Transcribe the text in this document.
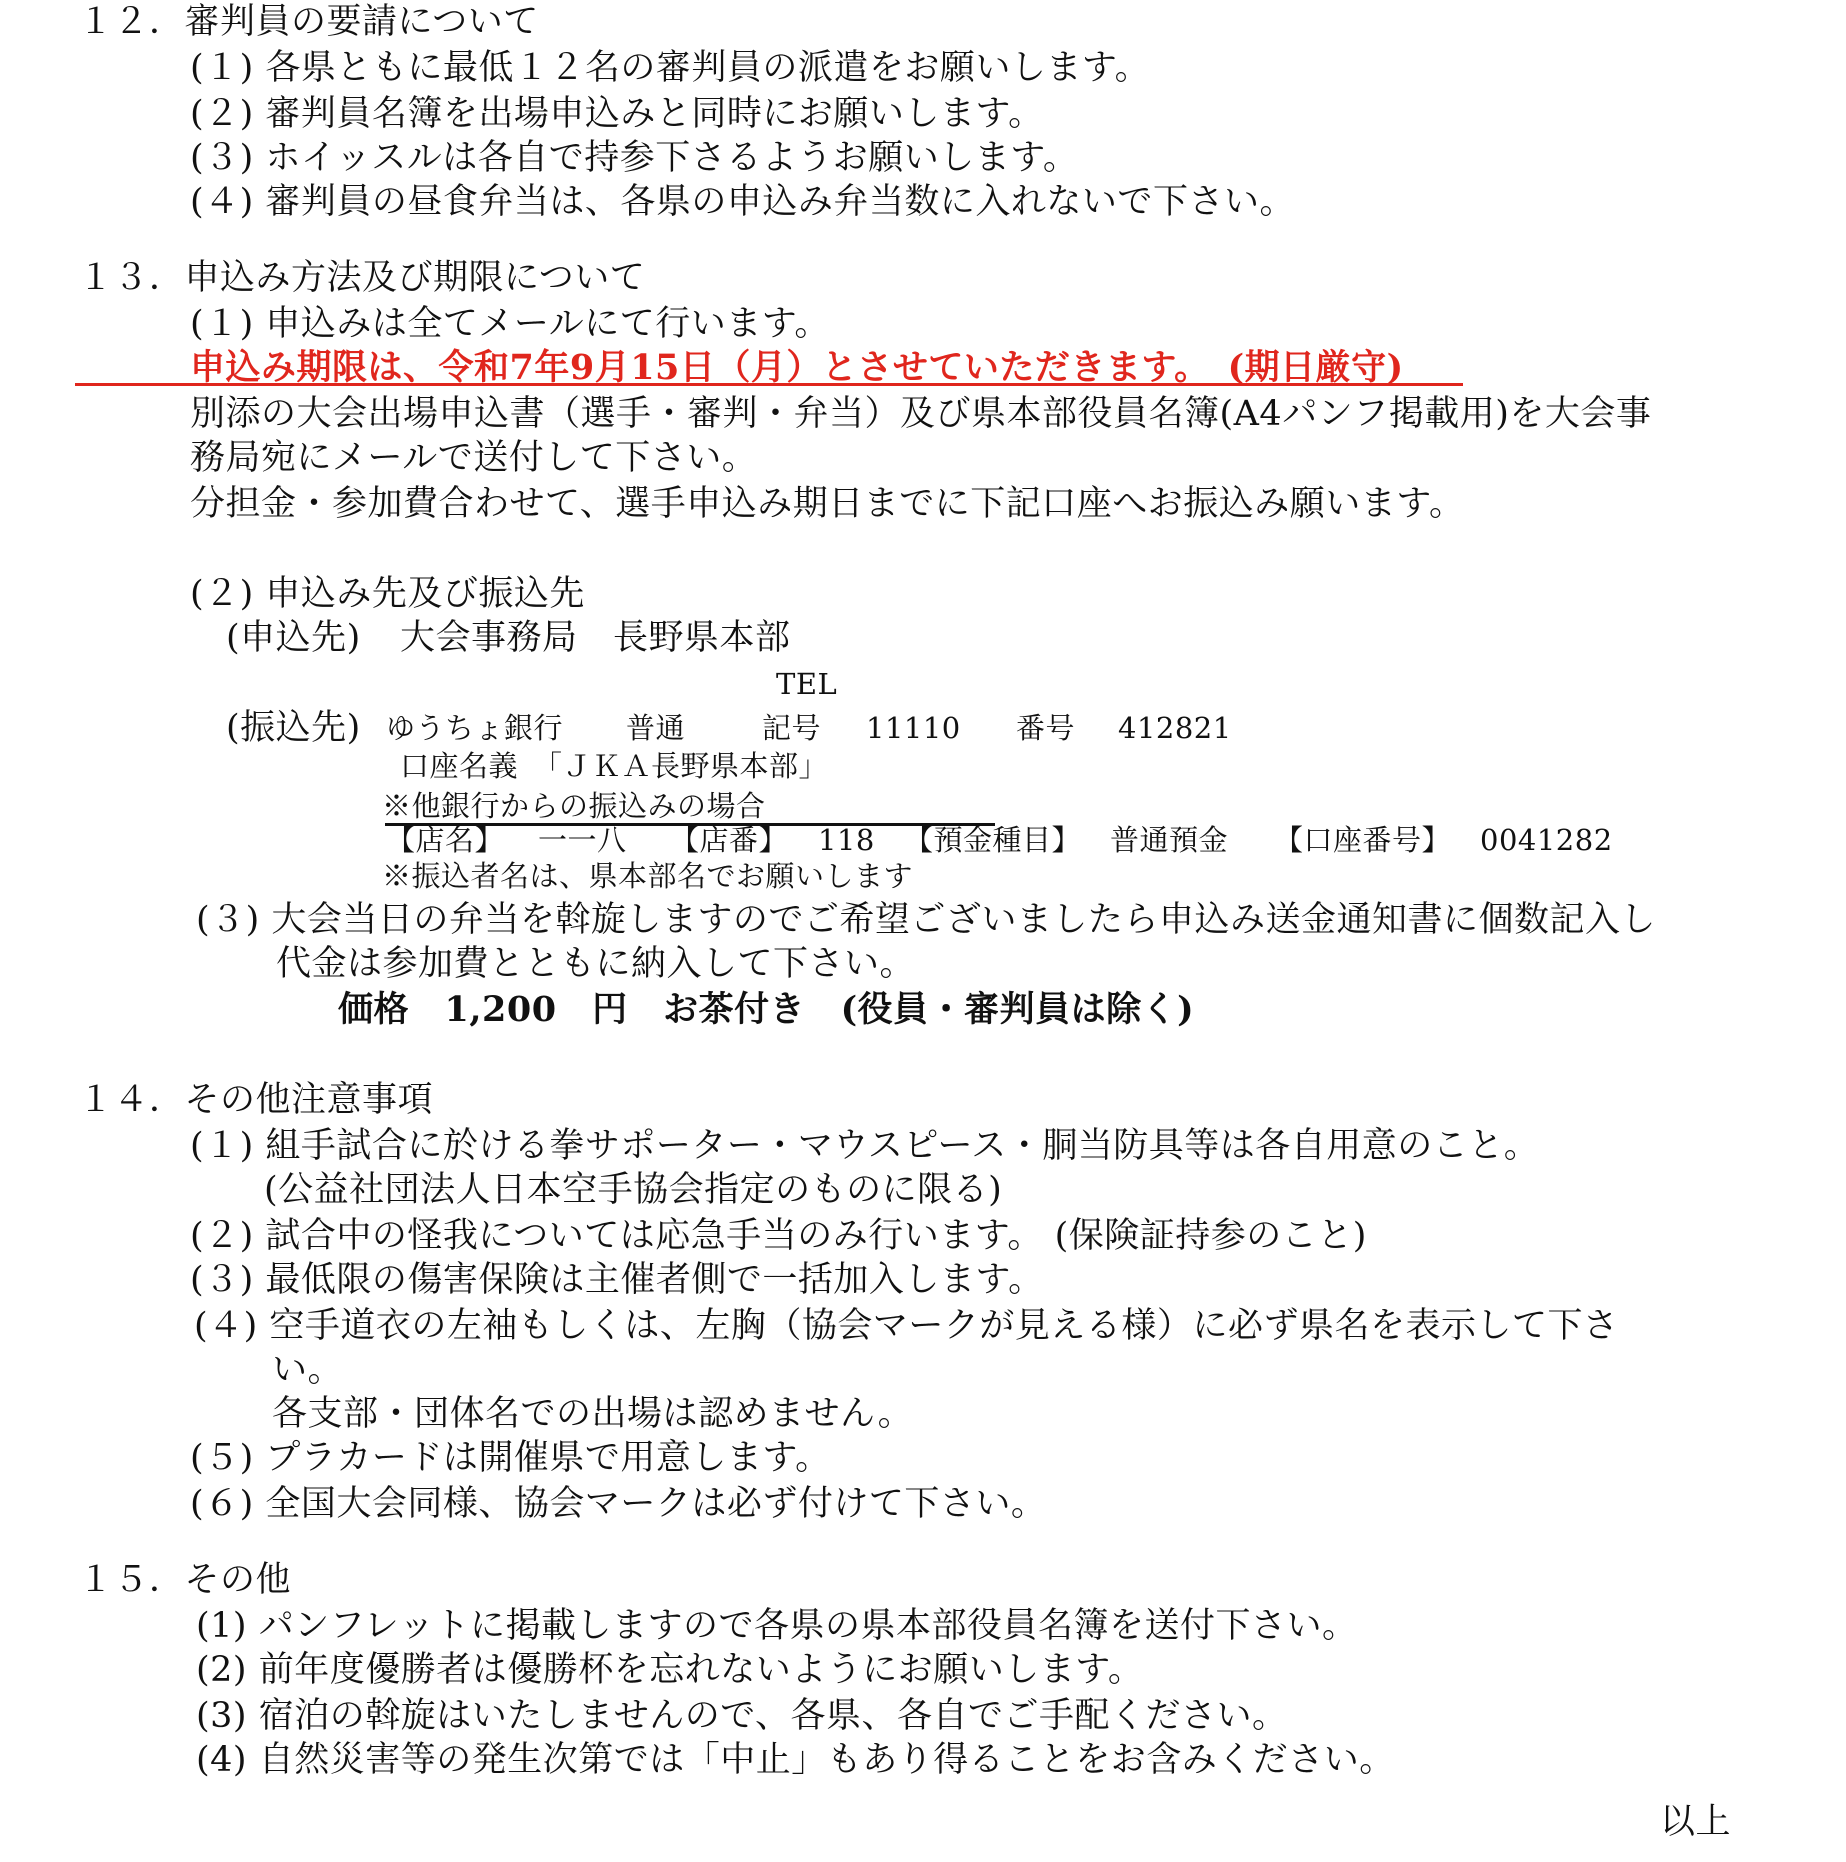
１２．審判員の要請について
(１) 各県ともに最低１２名の審判員の派遣をお願いします。
(２) 審判員名簿を出場申込みと同時にお願いします。
(３) ホイッスルは各自で持参下さるようお願いします。
(４) 審判員の昼食弁当は、各県の申込み弁当数に入れないで下さい。
１３．申込み方法及び期限について
(１) 申込みは全てメールにて行います。
申込み期限は、令和7年9月15日（月）とさせていただきます。　(期日厳守)
別添の大会出場申込書（選手・審判・弁当）及び県本部役員名簿(A4パンフ掲載用)を大会事
務局宛にメールで送付して下さい。
分担金・参加費合わせて、選手申込み期日までに下記口座へお振込み願います。
(２) 申込み先及び振込先
(申込先) 大会事務局　長野県本部
TEL
(振込先) ゆうちょ銀行 普通	記号 11110 番号 412821
口座名義　「ＪＫＡ長野県本部」
※他銀行からの振込みの場合
【店名】 一一八 【店番】 118 【預金種目】 普通預金 【口座番号】 0041282
※振込者名は、県本部名でお願いします
(３) 大会当日の弁当を斡旋しますのでご希望ございましたら申込み送金通知書に個数記入し
代金は参加費とともに納入して下さい。
価格　1,200　円　お茶付き　(役員・審判員は除く)
１４．その他注意事項
(１) 組手試合に於ける拳サポーター・マウスピース・胴当防具等は各自用意のこと。
(公益社団法人日本空手協会指定のものに限る)
(２) 試合中の怪我については応急手当のみ行います。 (保険証持参のこと)
(３) 最低限の傷害保険は主催者側で一括加入します。
(４) 空手道衣の左袖もしくは、左胸（協会マークが見える様）に必ず県名を表示して下さ
い。
各支部・団体名での出場は認めません。
(５) プラカードは開催県で用意します。
(６) 全国大会同様、協会マークは必ず付けて下さい。
１５．その他
(1) パンフレットに掲載しますので各県の県本部役員名簿を送付下さい。
(2) 前年度優勝者は優勝杯を忘れないようにお願いします。
(3) 宿泊の斡旋はいたしませんので、各県、各自でご手配ください。
(4) 自然災害等の発生次第では「中止」もあり得ることをお含みください。
以上
